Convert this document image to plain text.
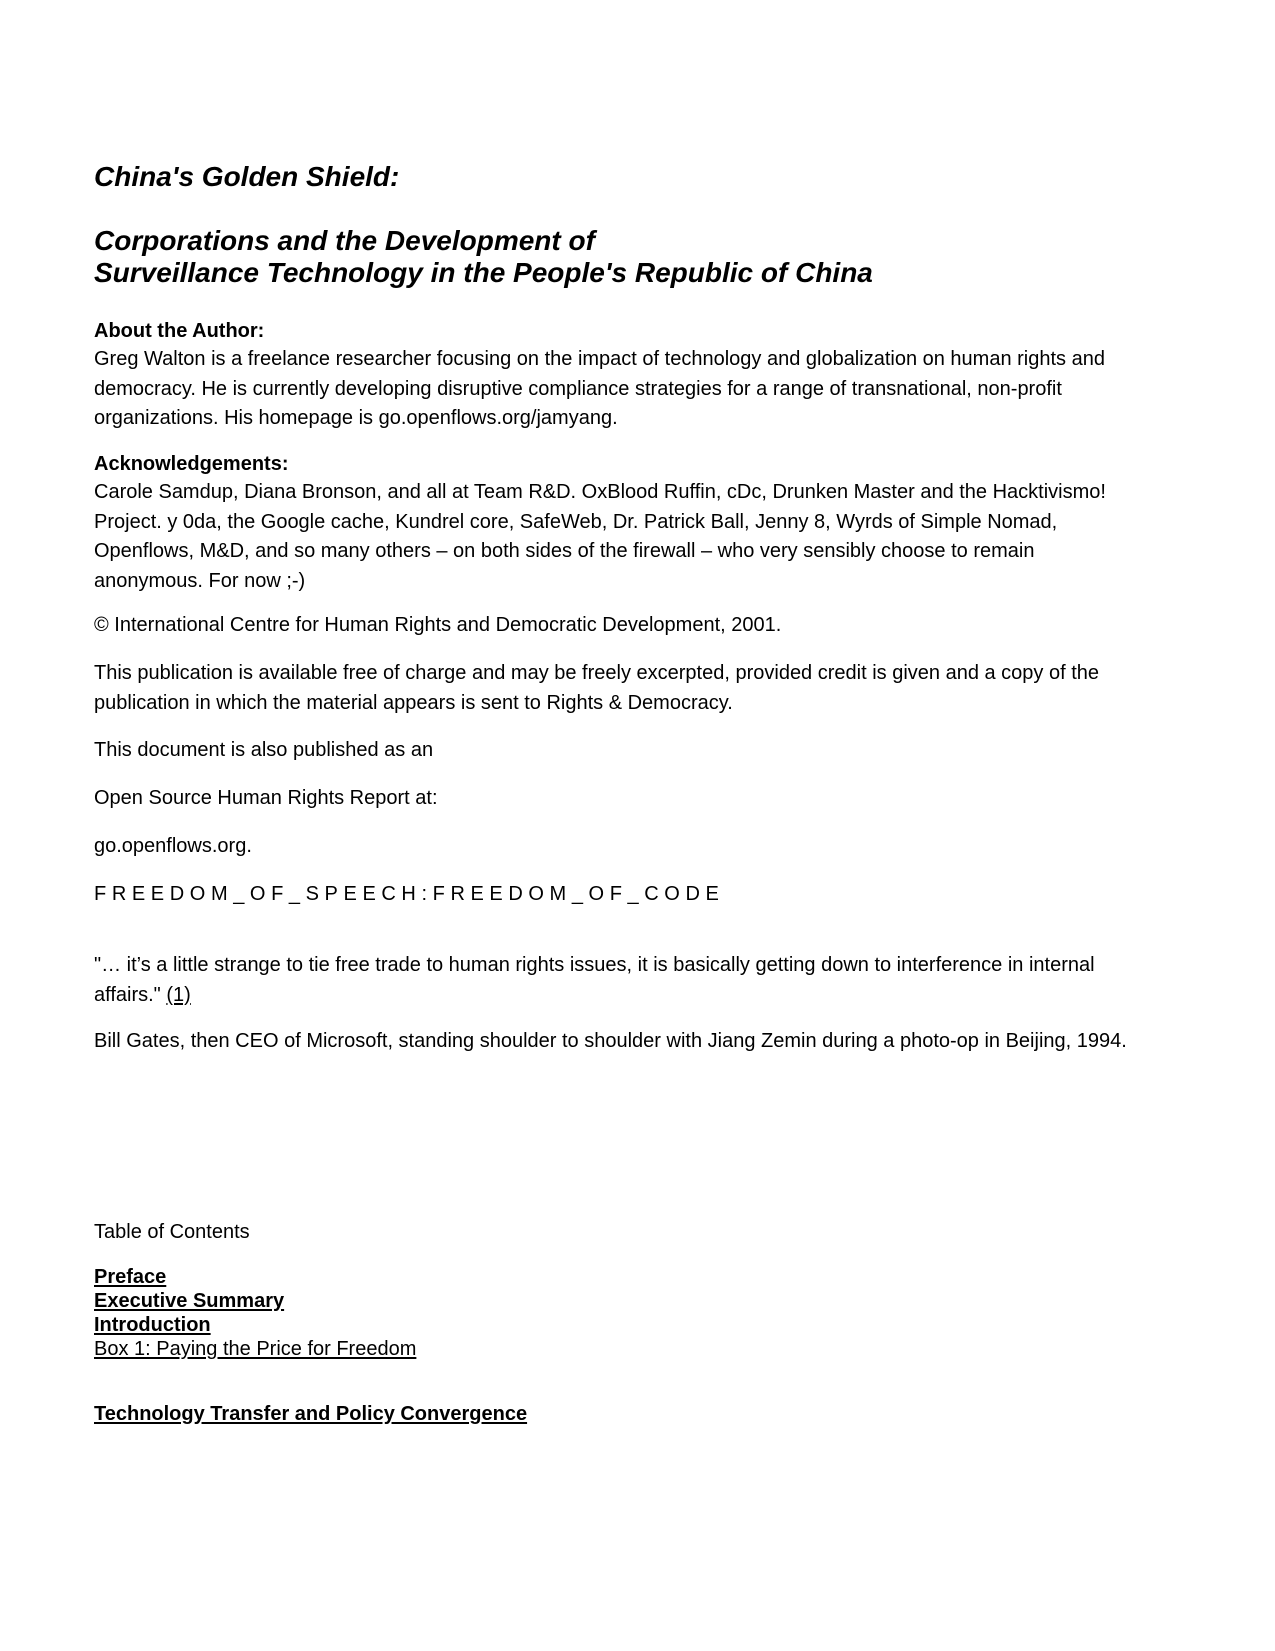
China's Golden Shield:

Corporations and the Development of

Surveillance Technology in the People's Republic of China

About the Author:

Greg Walton is a freelance researcher focusing on the impact of technology and globalization on human rights and
democracy. He is currently developing disruptive compliance strategies for a range of transnational, non-profit
organizations. His homepage is go.openflows.org/jamyang.

Acknowledgements:

Carole Samdup, Diana Bronson, and all at Team R&D. OxBlood Ruffin, cDc, Drunken Master and the Hacktivismo!
Project. y 0da, the Google cache, Kundrel core, SafeWeb, Dr. Patrick Ball, Jenny 8, Wyrds of Simple Nomad,
Openflows, M&D, and so many others – on both sides of the firewall – who very sensibly choose to remain
anonymous. For now ;-)

© International Centre for Human Rights and Democratic Development, 2001.

This publication is available free of charge and may be freely excerpted, provided credit is given and a copy of the
publication in which the material appears is sent to Rights & Democracy.

This document is also published as an

Open Source Human Rights Report at:

go.openflows.org.

FREEDOM_OF_SPEECH:FREEDOM_OF_CODE

"… it’s a little strange to tie free trade to human rights issues, it is basically getting down to interference in internal
affairs." (1)

Bill Gates, then CEO of Microsoft, standing shoulder to shoulder with Jiang Zemin during a photo-op in Beijing, 1994.

Table of Contents

Preface
Executive Summary
Introduction
Box 1: Paying the Price for Freedom
Technology Transfer and Policy Convergence
